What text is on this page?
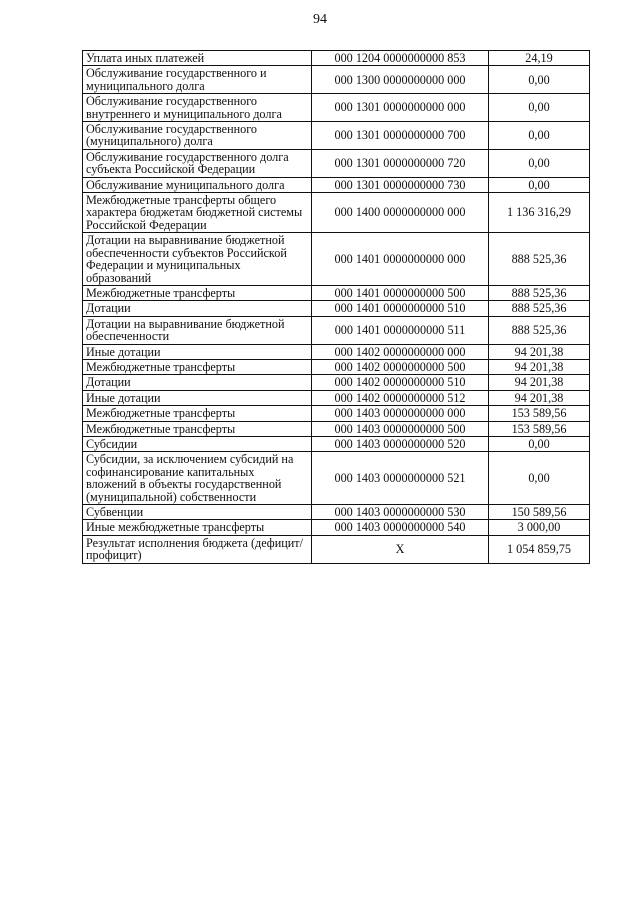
94
Уплата иных платежей	000 1204 0000000000 853	24,19
Обслуживание государственного и муниципального долга	000 1300 0000000000 000	0,00
Обслуживание государственного внутреннего и муниципального долга	000 1301 0000000000 000	0,00
Обслуживание государственного (муниципального) долга	000 1301 0000000000 700	0,00
Обслуживание государственного долга субъекта Российской Федерации	000 1301 0000000000 720	0,00
Обслуживание муниципального долга	000 1301 0000000000 730	0,00
Межбюджетные трансферты общего характера бюджетам бюджетной системы Российской Федерации	000 1400 0000000000 000	1 136 316,29
Дотации на выравнивание бюджетной обеспеченности субъектов Российской Федерации и муниципальных образований	000 1401 0000000000 000	888 525,36
Межбюджетные трансферты	000 1401 0000000000 500	888 525,36
Дотации	000 1401 0000000000 510	888 525,36
Дотации на выравнивание бюджетной обеспеченности	000 1401 0000000000 511	888 525,36
Иные дотации	000 1402 0000000000 000	94 201,38
Межбюджетные трансферты	000 1402 0000000000 500	94 201,38
Дотации	000 1402 0000000000 510	94 201,38
Иные дотации	000 1402 0000000000 512	94 201,38
Межбюджетные трансферты	000 1403 0000000000 000	153 589,56
Межбюджетные трансферты	000 1403 0000000000 500	153 589,56
Субсидии	000 1403 0000000000 520	0,00
Субсидии, за исключением субсидий на софинансирование капитальных вложений в объекты государственной (муниципальной) собственности	000 1403 0000000000 521	0,00
Субвенции	000 1403 0000000000 530	150 589,56
Иные межбюджетные трансферты	000 1403 0000000000 540	3 000,00
Результат исполнения бюджета (дефицит/профицит)	X	1 054 859,75
